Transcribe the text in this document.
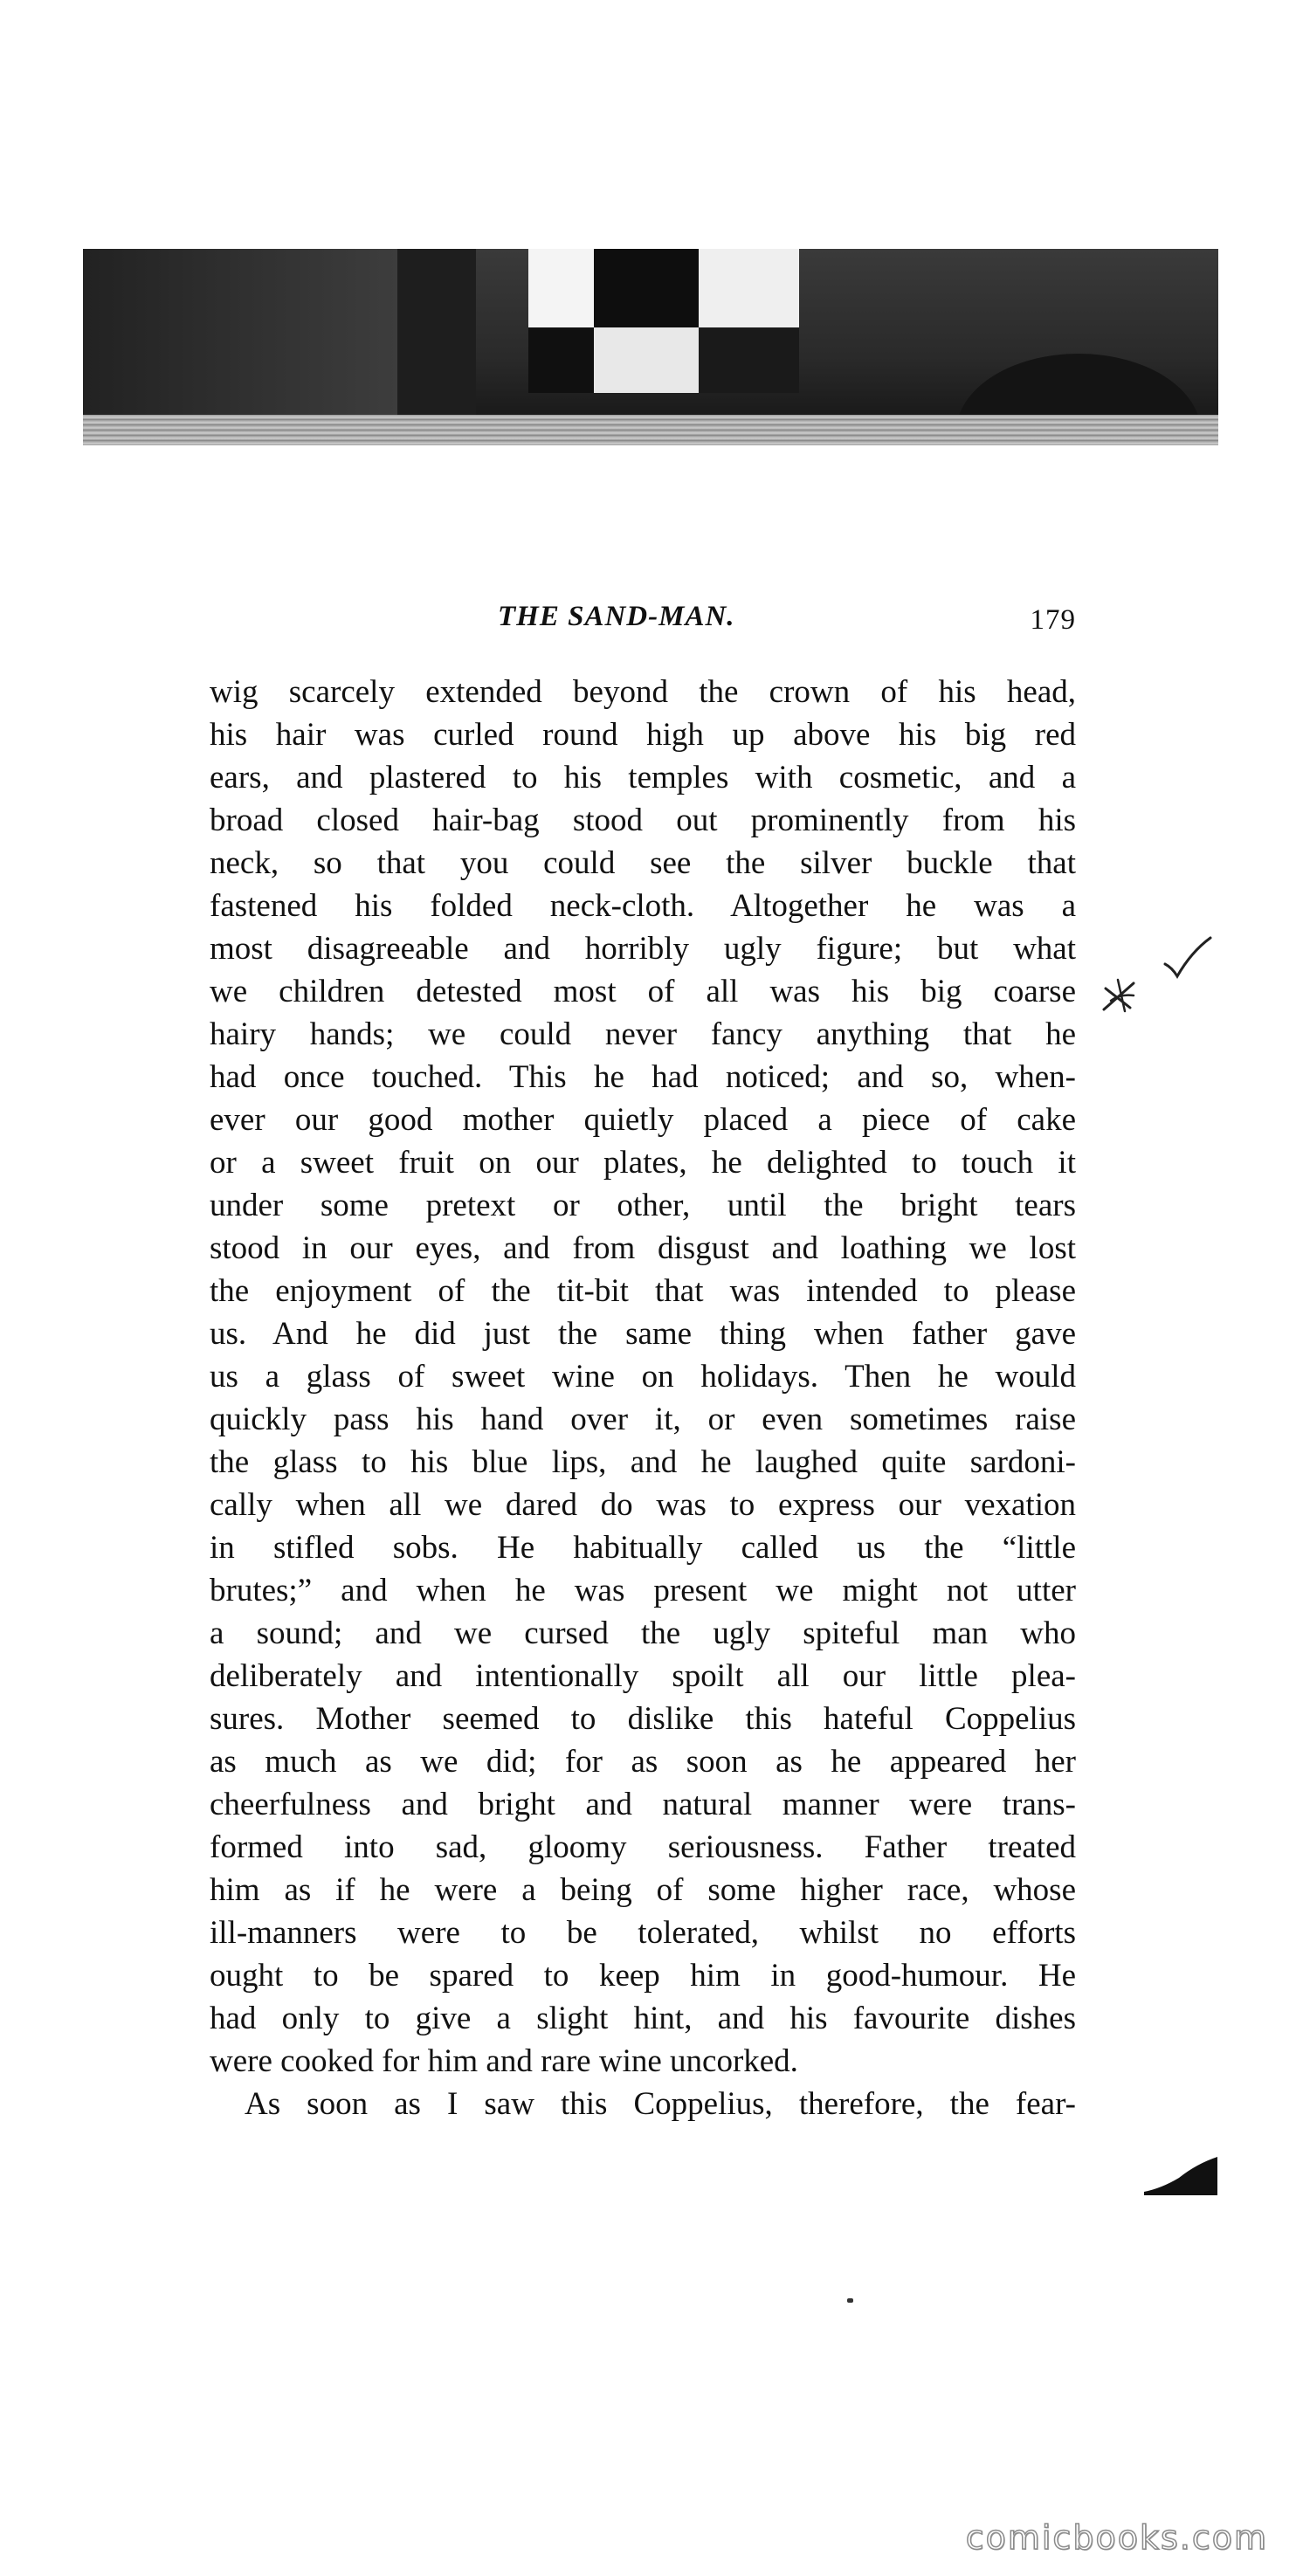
THE SAND-MAN.	179
wig scarcely extended beyond the crown of his head,
his hair was curled round high up above his big red
ears, and plastered to his temples with cosmetic, and a
broad closed hair-bag stood out prominently from his
neck, so that you could see the silver buckle that
fastened his folded neck-cloth. Altogether he was a
most disagreeable and horribly ugly figure; but what
we children detested most of all was his big coarse
hairy hands; we could never fancy anything that he
had once touched. This he had noticed; and so, when-
ever our good mother quietly placed a piece of cake
or a sweet fruit on our plates, he delighted to touch it
under some pretext or other, until the bright tears
stood in our eyes, and from disgust and loathing we lost
the enjoyment of the tit-bit that was intended to please
us. And he did just the same thing when father gave
us a glass of sweet wine on holidays. Then he would
quickly pass his hand over it, or even sometimes raise
the glass to his blue lips, and he laughed quite sardoni-
cally when all we dared do was to express our vexation
in stifled sobs. He habitually called us the “little
brutes;” and when he was present we might not utter
a sound; and we cursed the ugly spiteful man who
deliberately and intentionally spoilt all our little plea-
sures. Mother seemed to dislike this hateful Coppelius
as much as we did; for as soon as he appeared her
cheerfulness and bright and natural manner were trans-
formed into sad, gloomy seriousness. Father treated
him as if he were a being of some higher race, whose
ill-manners were to be tolerated, whilst no efforts
ought to be spared to keep him in good-humour. He
had only to give a slight hint, and his favourite dishes
were cooked for him and rare wine uncorked.
As soon as I saw this Coppelius, therefore, the fear-
comicbooks.com
